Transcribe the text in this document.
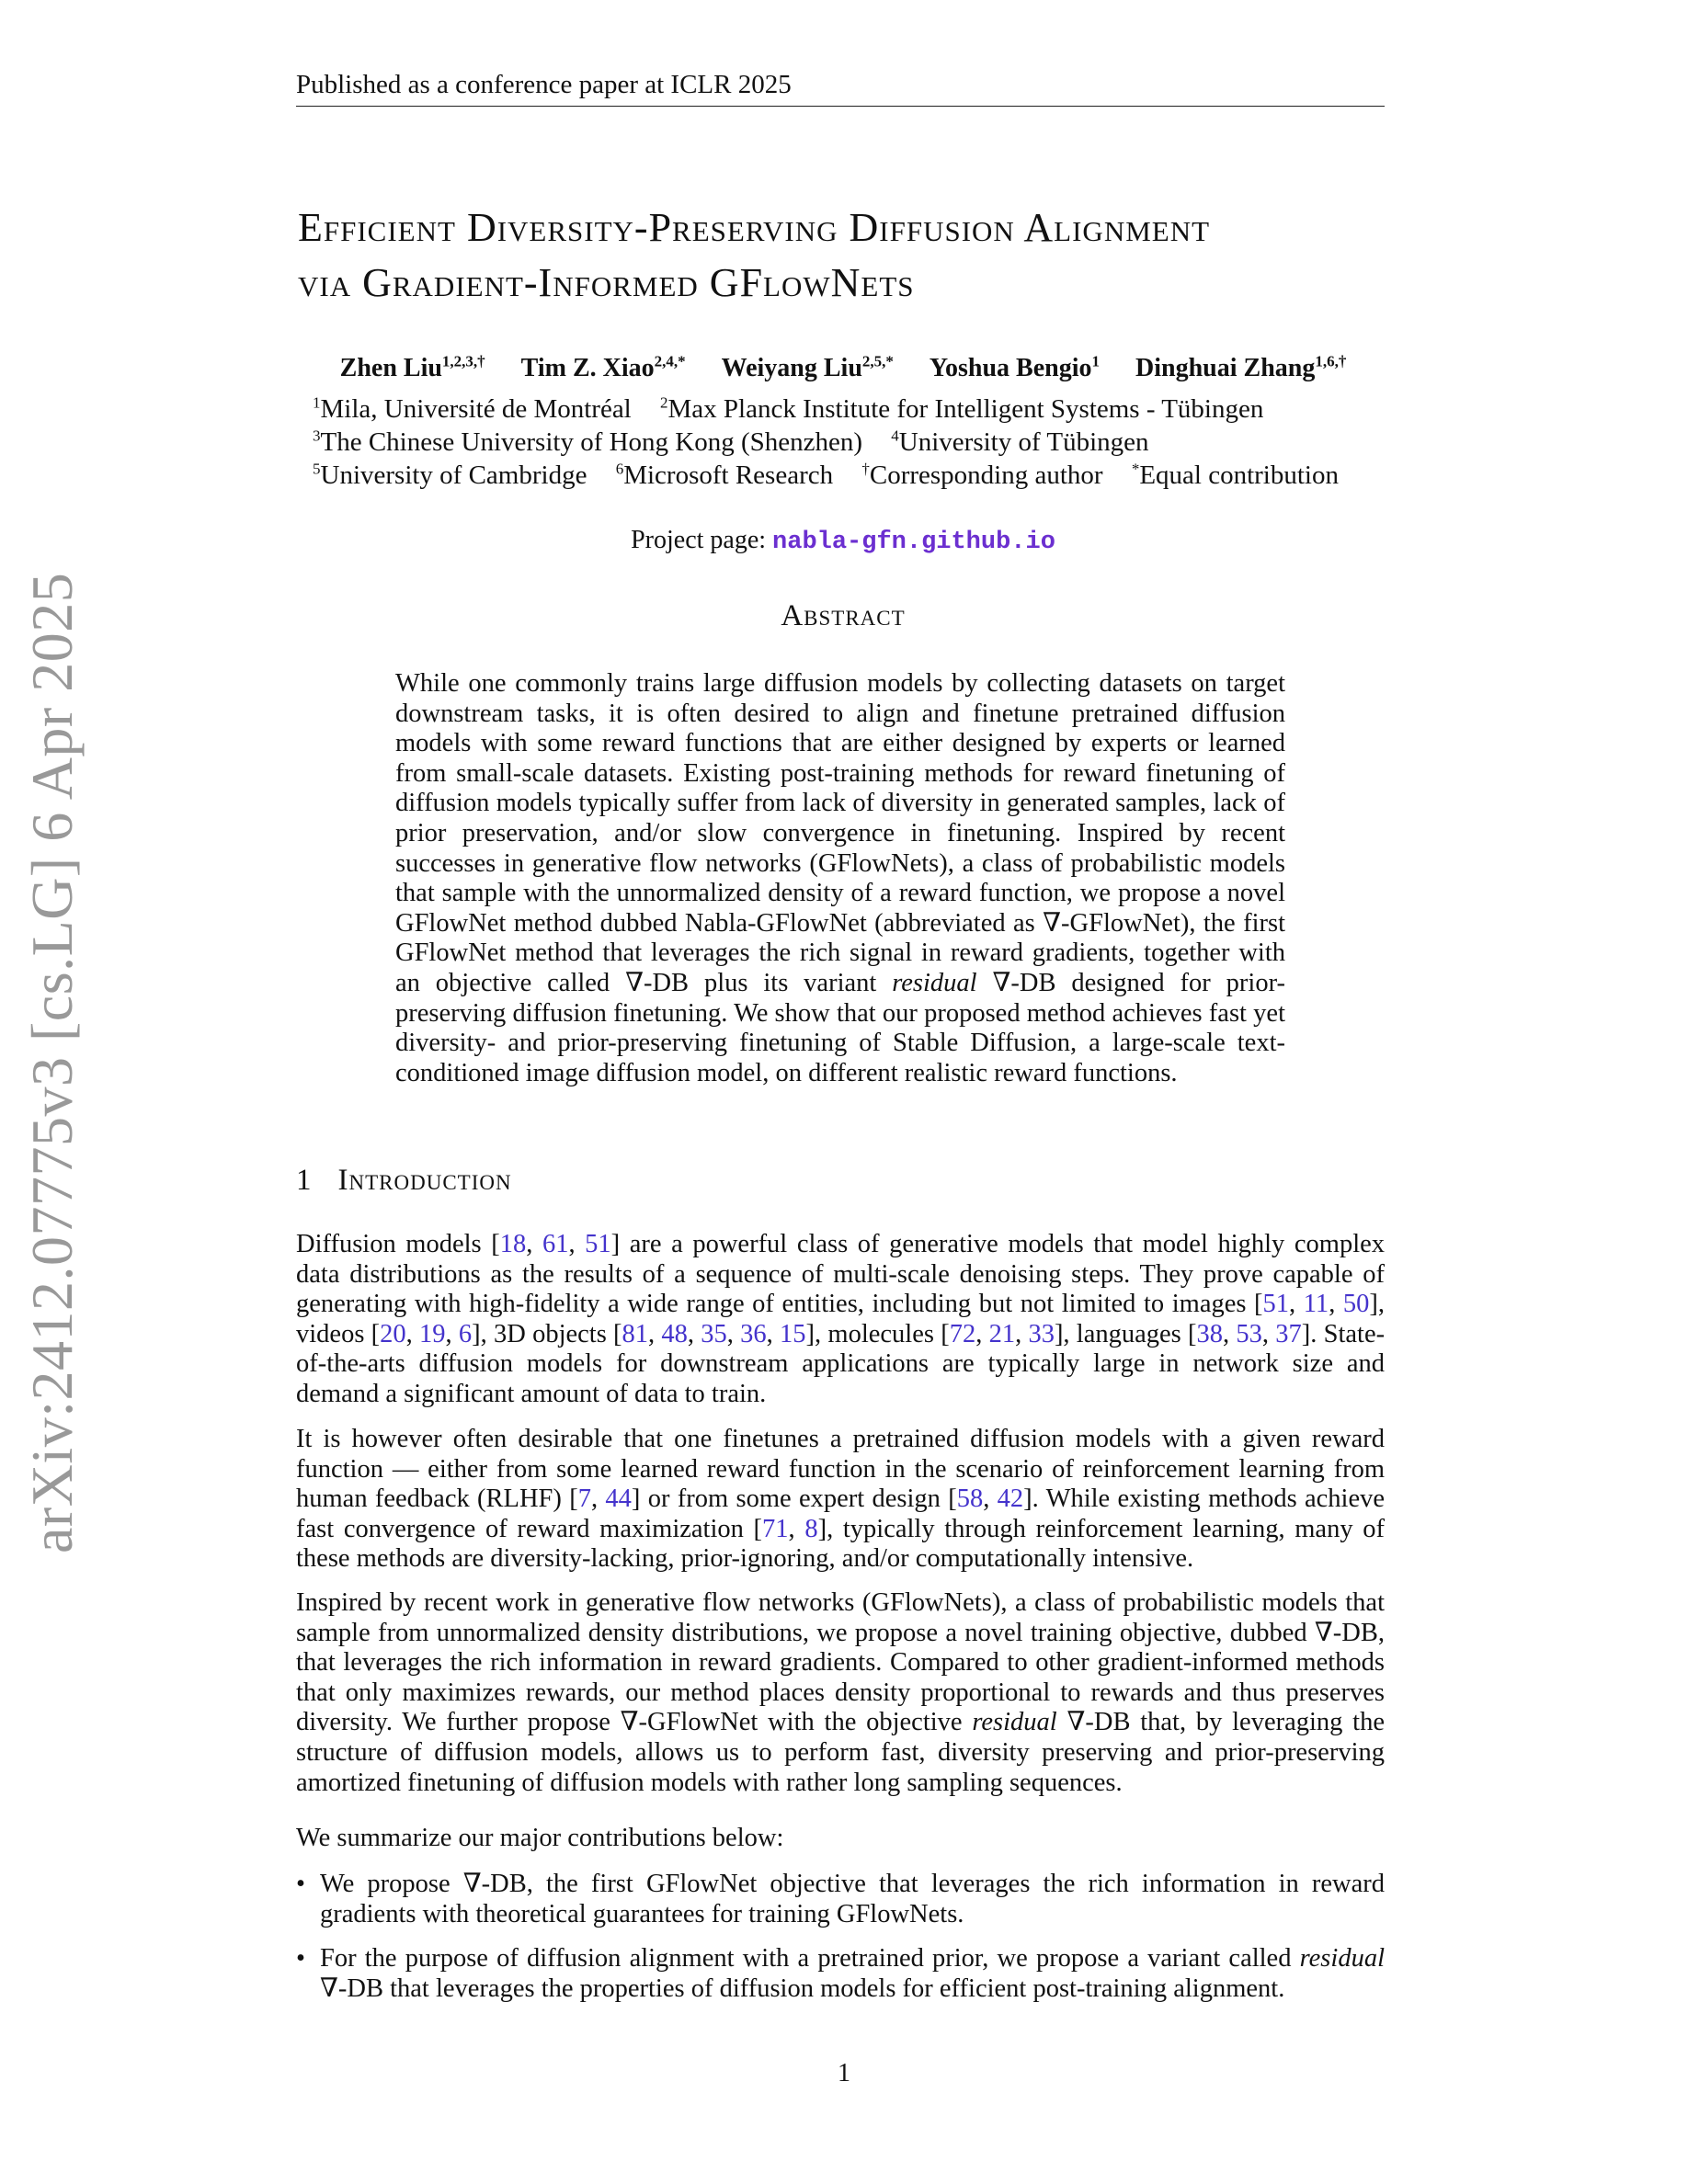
Published as a conference paper at ICLR 2025
arXiv:2412.07775v3 [cs.LG] 6 Apr 2025
Efficient Diversity-Preserving Diffusion Alignment
via Gradient-Informed GFlowNets
Zhen Liu$^{1,2,3,\dagger}$ Tim Z. Xiao$^{2,4,*}$ Weiyang Liu$^{2,5,*}$ Yoshua Bengio$^1$ Dinghuai Zhang$^{1,6,\dagger}$
$^1$Mila, Université de Montréal $^2$Max Planck Institute for Intelligent Systems - Tübingen
$^3$The Chinese University of Hong Kong (Shenzhen) $^4$University of Tübingen
$^5$University of Cambridge $^6$Microsoft Research †Corresponding author *Equal contribution
Project page: nabla-gfn.github.io
Abstract
While one commonly trains large diffusion models by collecting datasets on target downstream tasks, it is often desired to align and finetune pretrained diffusion models with some reward functions that are either designed by experts or learned from small-scale datasets. Existing post-training methods for reward finetuning of diffusion models typically suffer from lack of diversity in generated samples, lack of prior preservation, and/or slow convergence in finetuning. Inspired by recent successes in generative flow networks (GFlowNets), a class of probabilistic models that sample with the unnormalized density of a reward function, we propose a novel GFlowNet method dubbed Nabla-GFlowNet (abbreviated as ∇-GFlowNet), the first GFlowNet method that leverages the rich signal in reward gradients, together with an objective called ∇-DB plus its variant residual ∇-DB designed for prior-preserving diffusion finetuning. We show that our proposed method achieves fast yet diversity- and prior-preserving finetuning of Stable Diffusion, a large-scale text-conditioned image diffusion model, on different realistic reward functions.
1 Introduction
Diffusion models [18, 61, 51] are a powerful class of generative models that model highly complex data distributions as the results of a sequence of multi-scale denoising steps. They prove capable of generating with high-fidelity a wide range of entities, including but not limited to images [51, 11, 50], videos [20, 19, 6], 3D objects [81, 48, 35, 36, 15], molecules [72, 21, 33], languages [38, 53, 37]. State-of-the-arts diffusion models for downstream applications are typically large in network size and demand a significant amount of data to train.
It is however often desirable that one finetunes a pretrained diffusion models with a given reward function — either from some learned reward function in the scenario of reinforcement learning from human feedback (RLHF) [7, 44] or from some expert design [58, 42]. While existing methods achieve fast convergence of reward maximization [71, 8], typically through reinforcement learning, many of these methods are diversity-lacking, prior-ignoring, and/or computationally intensive.
Inspired by recent work in generative flow networks (GFlowNets), a class of probabilistic models that sample from unnormalized density distributions, we propose a novel training objective, dubbed ∇-DB, that leverages the rich information in reward gradients. Compared to other gradient-informed methods that only maximizes rewards, our method places density proportional to rewards and thus preserves diversity. We further propose ∇-GFlowNet with the objective residual ∇-DB that, by leveraging the structure of diffusion models, allows us to perform fast, diversity preserving and prior-preserving amortized finetuning of diffusion models with rather long sampling sequences.
We summarize our major contributions below:
• We propose ∇-DB, the first GFlowNet objective that leverages the rich information in reward gradients with theoretical guarantees for training GFlowNets.
• For the purpose of diffusion alignment with a pretrained prior, we propose a variant called residual ∇-DB that leverages the properties of diffusion models for efficient post-training alignment.
1
